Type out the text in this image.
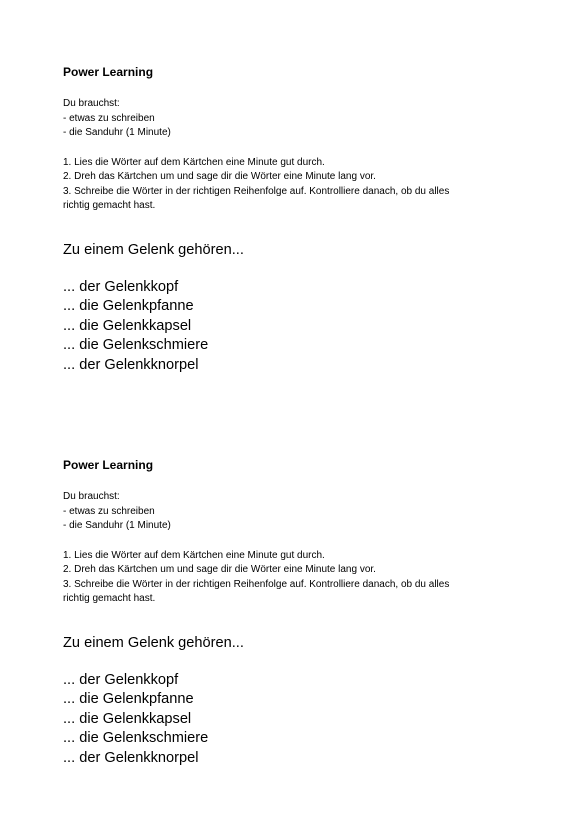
Power Learning
Du brauchst:
- etwas zu schreiben
- die Sanduhr (1 Minute)
1. Lies die Wörter auf dem Kärtchen eine Minute gut durch.
2. Dreh das Kärtchen um und sage dir die Wörter eine Minute lang vor.
3. Schreibe die Wörter in der richtigen Reihenfolge auf. Kontrolliere danach, ob du alles
richtig gemacht hast.
Zu einem Gelenk gehören...
... der Gelenkkopf
... die Gelenkpfanne
... die Gelenkkapsel
... die Gelenkschmiere
... der Gelenkknorpel
Power Learning
Du brauchst:
- etwas zu schreiben
- die Sanduhr (1 Minute)
1. Lies die Wörter auf dem Kärtchen eine Minute gut durch.
2. Dreh das Kärtchen um und sage dir die Wörter eine Minute lang vor.
3. Schreibe die Wörter in der richtigen Reihenfolge auf. Kontrolliere danach, ob du alles
richtig gemacht hast.
Zu einem Gelenk gehören...
... der Gelenkkopf
... die Gelenkpfanne
... die Gelenkkapsel
... die Gelenkschmiere
... der Gelenkknorpel
